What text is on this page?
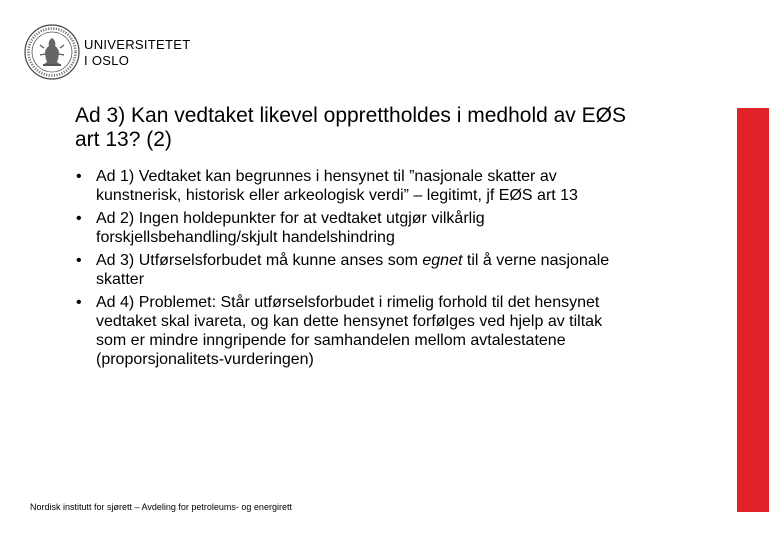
UNIVERSITETET
I OSLO
Ad 3) Kan vedtaket likevel opprettholdes i medhold av EØS art 13? (2)
• Ad 1) Vedtaket kan begrunnes i hensynet til ”nasjonale skatter av kunstnerisk, historisk eller arkeologisk verdi” – legitimt, jf EØS art 13
• Ad 2) Ingen holdepunkter for at vedtaket utgjør vilkårlig forskjellsbehandling/skjult handelshindring
• Ad 3) Utførselsforbudet må kunne anses som egnet til å verne nasjonale skatter
• Ad 4) Problemet: Står utførselsforbudet i rimelig forhold til det hensynet vedtaket skal ivareta, og kan dette hensynet forfølges ved hjelp av tiltak som er mindre inngripende for samhandelen mellom avtalestatene (proporsjonalitets-vurderingen)
Nordisk institutt for sjørett – Avdeling for petroleums- og energirett
